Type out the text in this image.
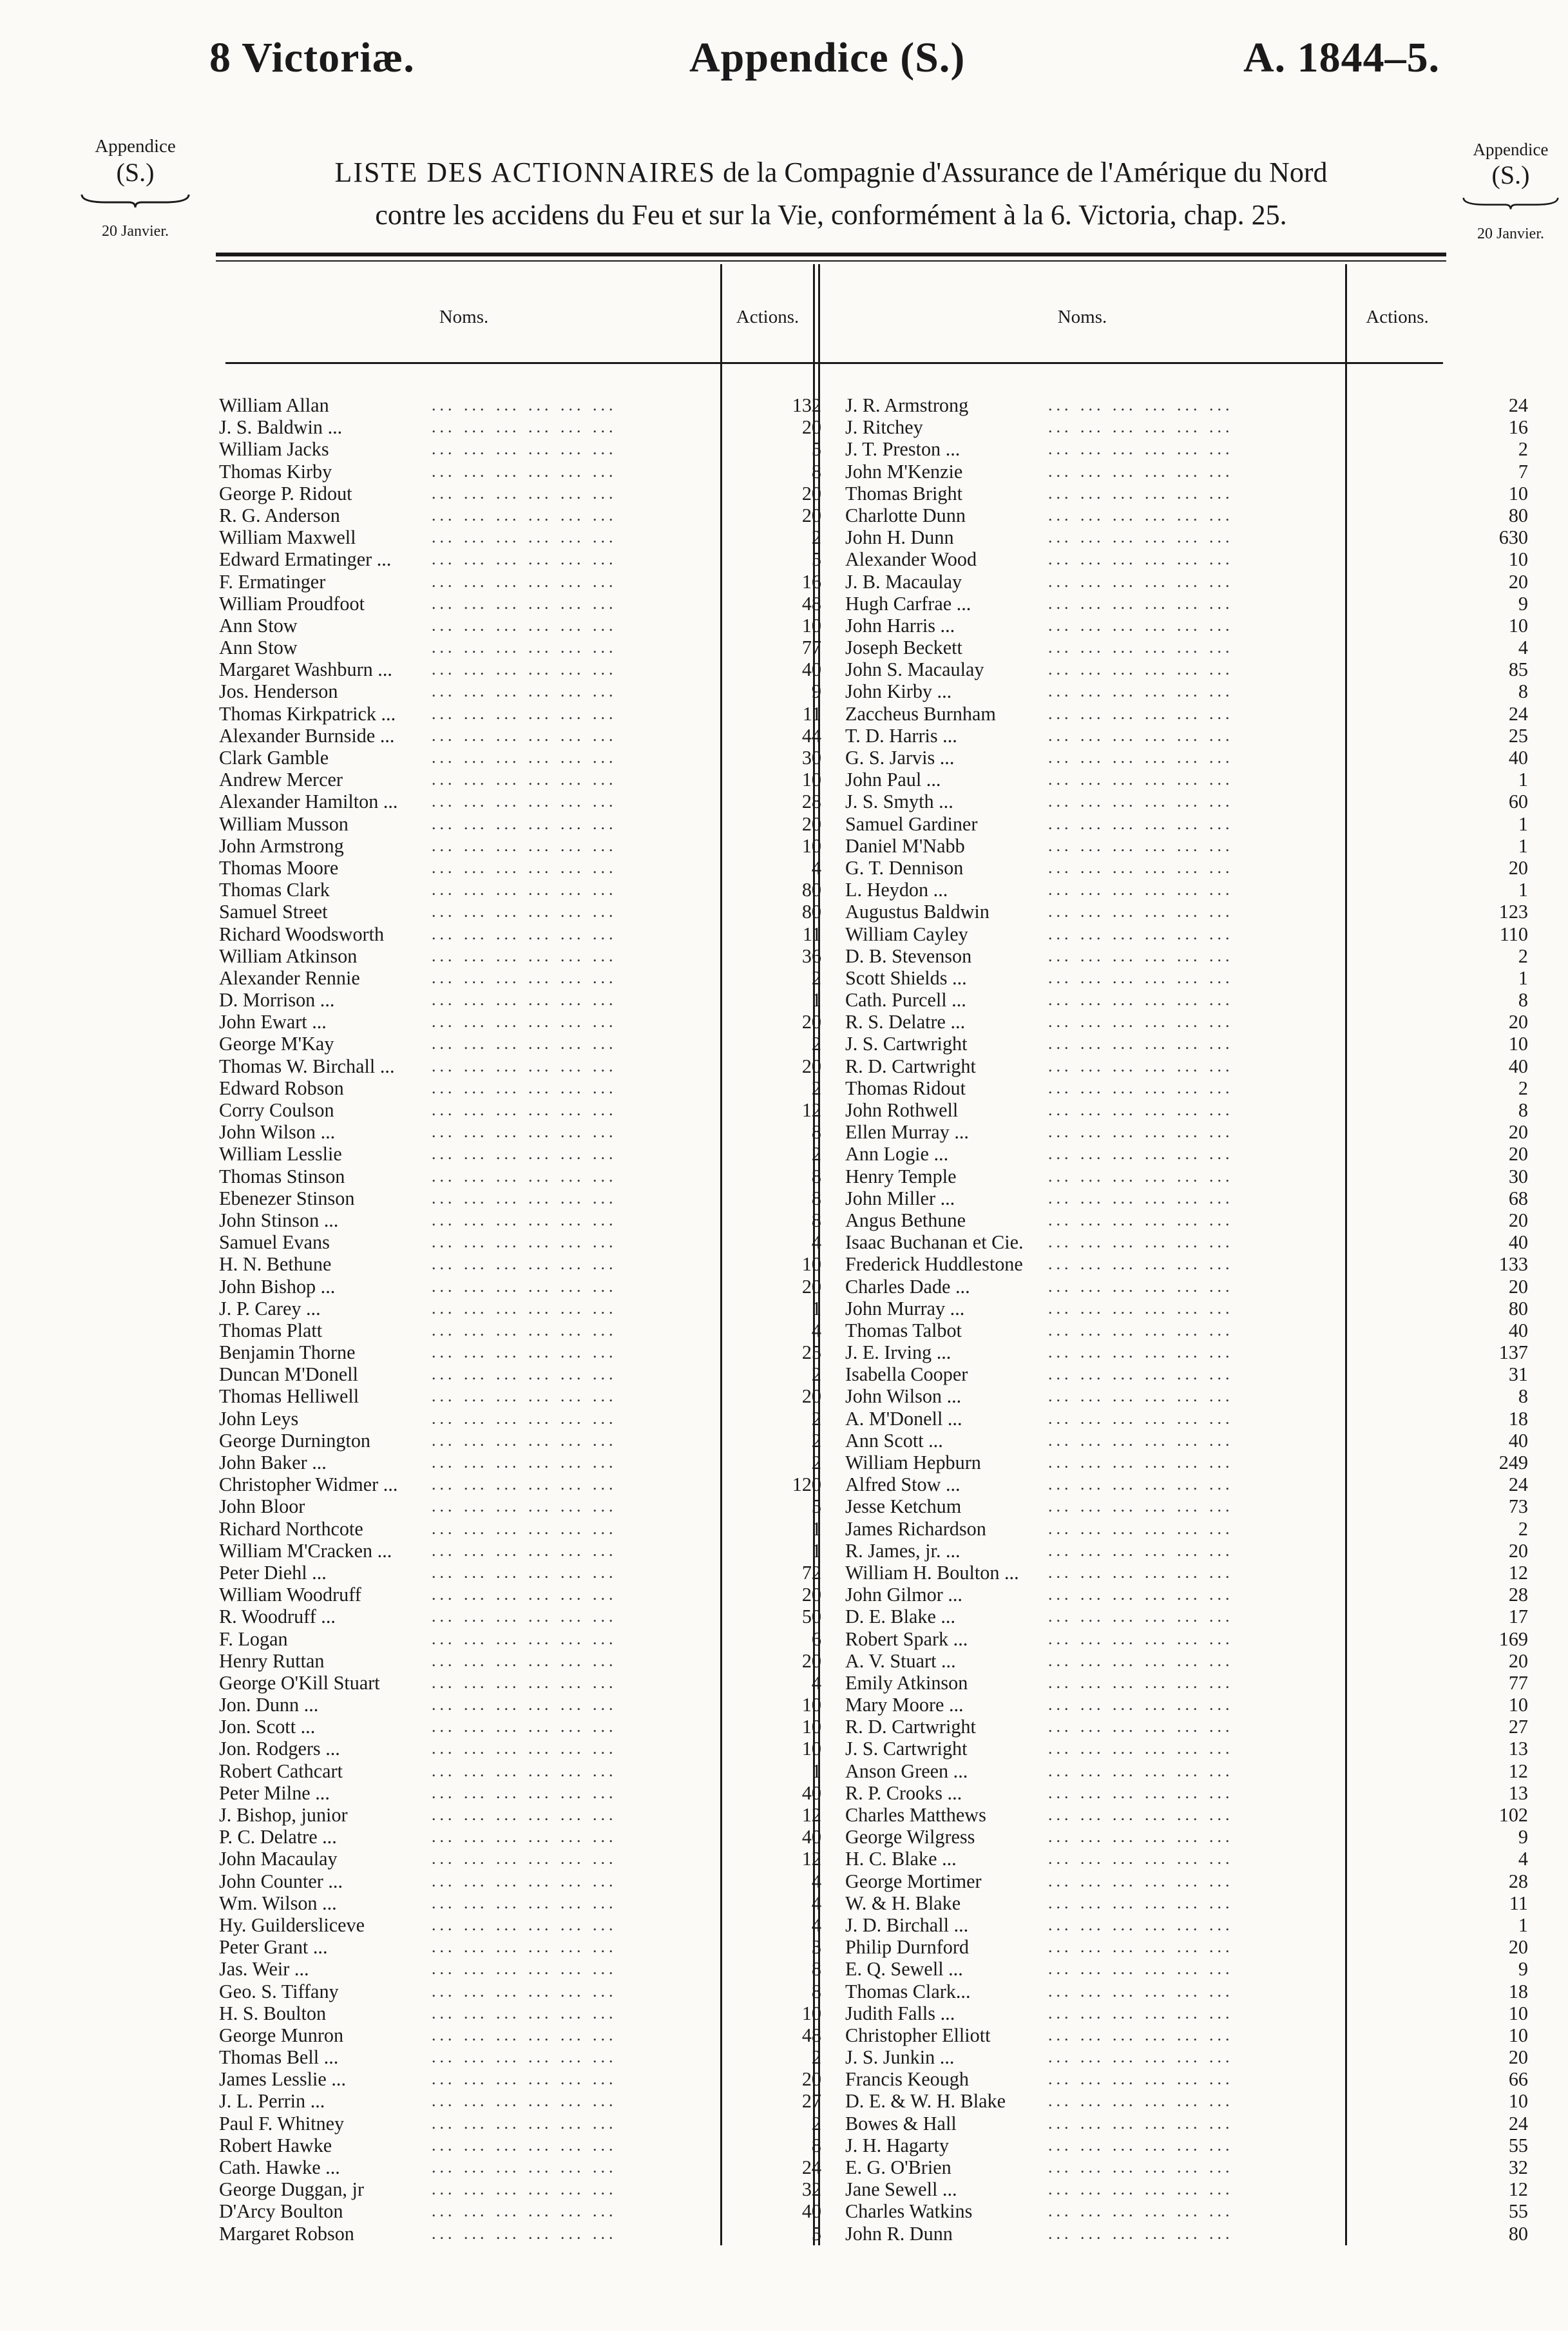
8 Victoriæ.	Appendice (S.)	A. 1844–5.
Appendice
(S.)
20 Janvier.
Appendice
(S.)
20 Janvier.
LISTE DES ACTIONNAIRES de la Compagnie d'Assurance de l'Amérique du Nord
contre les accidens du Feu et sur la Vie, conformément à la 6. Victoria, chap. 25.
Noms.	Actions.	Noms.	Actions.
William Allan	... ... ... ... ... ...	132
J. S. Baldwin ...	... ... ... ... ... ...	20
William Jacks	... ... ... ... ... ...	5
Thomas Kirby	... ... ... ... ... ...	8
George P. Ridout	... ... ... ... ... ...	20
R. G. Anderson	... ... ... ... ... ...	20
William Maxwell	... ... ... ... ... ...	2
Edward Ermatinger ... ... ... ... ... ... ...	5
F. Ermatinger	... ... ... ... ... ...	16
William Proudfoot	... ... ... ... ... ...	48
Ann Stow	... ... ... ... ... ...	10
Ann Stow	... ... ... ... ... ...	77
Margaret Washburn ... ... ... ... ... ... ...	40
Jos. Henderson	... ... ... ... ... ...	9
Thomas Kirkpatrick ... ... ... ... ... ... ...	11
Alexander Burnside ... ... ... ... ... ... ...	44
Clark Gamble	... ... ... ... ... ...	30
Andrew Mercer	... ... ... ... ... ...	10
Alexander Hamilton ... ... ... ... ... ... ...	28
William Musson	... ... ... ... ... ...	20
John Armstrong	... ... ... ... ... ...	10
Thomas Moore	... ... ... ... ... ...	4
Thomas Clark	... ... ... ... ... ...	80
Samuel Street	... ... ... ... ... ...	80
Richard Woodsworth	... ... ... ... ... ...	11
William Atkinson	... ... ... ... ... ...	36
Alexander Rennie	... ... ... ... ... ...	2
D. Morrison ...	... ... ... ... ... ...	1
John Ewart ...	... ... ... ... ... ...	20
George M'Kay	... ... ... ... ... ...	2
Thomas W. Birchall ... ... ... ... ... ... ...	20
Edward Robson	... ... ... ... ... ...	2
Corry Coulson	... ... ... ... ... ...	12
John Wilson ...	... ... ... ... ... ...	8
William Lesslie	... ... ... ... ... ...	2
Thomas Stinson	... ... ... ... ... ...	8
Ebenezer Stinson	... ... ... ... ... ...	8
John Stinson ...	... ... ... ... ... ...	8
Samuel Evans	... ... ... ... ... ...	4
H. N. Bethune	... ... ... ... ... ...	10
John Bishop ...	... ... ... ... ... ...	20
J. P. Carey ...	... ... ... ... ... ...	1
Thomas Platt	... ... ... ... ... ...	4
Benjamin Thorne	... ... ... ... ... ...	25
Duncan M'Donell	... ... ... ... ... ...	2
Thomas Helliwell	... ... ... ... ... ...	20
John Leys	... ... ... ... ... ...	2
George Durnington	... ... ... ... ... ...	2
John Baker ...	... ... ... ... ... ...	2
Christopher Widmer ... ... ... ... ... ... ...	120
John Bloor	... ... ... ... ... ...	5
Richard Northcote	... ... ... ... ... ...	1
William M'Cracken ... ... ... ... ... ... ...	1
Peter Diehl ...	... ... ... ... ... ...	72
William Woodruff	... ... ... ... ... ...	20
R. Woodruff ...	... ... ... ... ... ...	50
F. Logan	... ... ... ... ... ...	6
Henry Ruttan	... ... ... ... ... ...	20
George O'Kill Stuart	... ... ... ... ... ...	4
Jon. Dunn ...	... ... ... ... ... ...	10
Jon. Scott ...	... ... ... ... ... ...	10
Jon. Rodgers ...	... ... ... ... ... ...	10
Robert Cathcart	... ... ... ... ... ...	1
Peter Milne ...	... ... ... ... ... ...	40
J. Bishop, junior	... ... ... ... ... ...	12
P. C. Delatre ...	... ... ... ... ... ...	40
John Macaulay	... ... ... ... ... ...	12
John Counter ...	... ... ... ... ... ...	4
Wm. Wilson ...	... ... ... ... ... ...	4
Hy. Guildersliceve	... ... ... ... ... ...	4
Peter Grant ...	... ... ... ... ... ...	3
Jas. Weir ...	... ... ... ... ... ...	8
Geo. S. Tiffany	... ... ... ... ... ...	8
H. S. Boulton	... ... ... ... ... ...	10
George Munron	... ... ... ... ... ...	48
Thomas Bell ...	... ... ... ... ... ...	2
James Lesslie ...	... ... ... ... ... ...	20
J. L. Perrin ...	... ... ... ... ... ...	27
Paul F. Whitney	... ... ... ... ... ...	2
Robert Hawke	... ... ... ... ... ...	8
Cath. Hawke ...	... ... ... ... ... ...	24
George Duggan, jr	... ... ... ... ... ...	32
D'Arcy Boulton	... ... ... ... ... ...	40
Margaret Robson	... ... ... ... ... ...	5
J. R. Armstrong	... ... ... ... ... ...	24
J. Ritchey	... ... ... ... ... ...	16
J. T. Preston ...	... ... ... ... ... ...	2
John M'Kenzie	... ... ... ... ... ...	7
Thomas Bright	... ... ... ... ... ...	10
Charlotte Dunn	... ... ... ... ... ...	80
John H. Dunn	... ... ... ... ... ...	630
Alexander Wood	... ... ... ... ... ...	10
J. B. Macaulay	... ... ... ... ... ...	20
Hugh Carfrae ...	... ... ... ... ... ...	9
John Harris ...	... ... ... ... ... ...	10
Joseph Beckett	... ... ... ... ... ...	4
John S. Macaulay	... ... ... ... ... ...	85
John Kirby ...	... ... ... ... ... ...	8
Zaccheus Burnham	... ... ... ... ... ...	24
T. D. Harris ...	... ... ... ... ... ...	25
G. S. Jarvis ...	... ... ... ... ... ...	40
John Paul ...	... ... ... ... ... ...	1
J. S. Smyth ...	... ... ... ... ... ...	60
Samuel Gardiner	... ... ... ... ... ...	1
Daniel M'Nabb	... ... ... ... ... ...	1
G. T. Dennison	... ... ... ... ... ...	20
L. Heydon ...	... ... ... ... ... ...	1
Augustus Baldwin	... ... ... ... ... ...	123
William Cayley	... ... ... ... ... ...	110
D. B. Stevenson	... ... ... ... ... ...	2
Scott Shields ...	... ... ... ... ... ...	1
Cath. Purcell ...	... ... ... ... ... ...	8
R. S. Delatre ...	... ... ... ... ... ...	20
J. S. Cartwright	... ... ... ... ... ...	10
R. D. Cartwright	... ... ... ... ... ...	40
Thomas Ridout	... ... ... ... ... ...	2
John Rothwell	... ... ... ... ... ...	8
Ellen Murray ...	... ... ... ... ... ...	20
Ann Logie ...	... ... ... ... ... ...	20
Henry Temple	... ... ... ... ... ...	30
John Miller ...	... ... ... ... ... ...	68
Angus Bethune	... ... ... ... ... ...	20
Isaac Buchanan et Cie. ... ... ... ... ... ...	40
Frederick Huddlestone ... ... ... ... ... ...	133
Charles Dade ...	... ... ... ... ... ...	20
John Murray ...	... ... ... ... ... ...	80
Thomas Talbot	... ... ... ... ... ...	40
J. E. Irving ...	... ... ... ... ... ...	137
Isabella Cooper	... ... ... ... ... ...	31
John Wilson ...	... ... ... ... ... ...	8
A. M'Donell ...	... ... ... ... ... ...	18
Ann Scott ...	... ... ... ... ... ...	40
William Hepburn	... ... ... ... ... ...	249
Alfred Stow ...	... ... ... ... ... ...	24
Jesse Ketchum	... ... ... ... ... ...	73
James Richardson	... ... ... ... ... ...	2
R. James, jr. ...	... ... ... ... ... ...	20
William H. Boulton ... ... ... ... ... ... ...	12
John Gilmor ...	... ... ... ... ... ...	28
D. E. Blake ...	... ... ... ... ... ...	17
Robert Spark ...	... ... ... ... ... ...	169
A. V. Stuart ...	... ... ... ... ... ...	20
Emily Atkinson	... ... ... ... ... ...	77
Mary Moore ...	... ... ... ... ... ...	10
R. D. Cartwright	... ... ... ... ... ...	27
J. S. Cartwright	... ... ... ... ... ...	13
Anson Green ...	... ... ... ... ... ...	12
R. P. Crooks ...	... ... ... ... ... ...	13
Charles Matthews	... ... ... ... ... ...	102
George Wilgress	... ... ... ... ... ...	9
H. C. Blake ...	... ... ... ... ... ...	4
George Mortimer	... ... ... ... ... ...	28
W. & H. Blake	... ... ... ... ... ...	11
J. D. Birchall ...	... ... ... ... ... ...	1
Philip Durnford	... ... ... ... ... ...	20
E. Q. Sewell ...	... ... ... ... ... ...	9
Thomas Clark...	... ... ... ... ... ...	18
Judith Falls ...	... ... ... ... ... ...	10
Christopher Elliott	... ... ... ... ... ...	10
J. S. Junkin ...	... ... ... ... ... ...	20
Francis Keough	... ... ... ... ... ...	66
D. E. & W. H. Blake	... ... ... ... ... ...	10
Bowes & Hall	... ... ... ... ... ...	24
J. H. Hagarty	... ... ... ... ... ...	55
E. G. O'Brien	... ... ... ... ... ...	32
Jane Sewell ...	... ... ... ... ... ...	12
Charles Watkins	... ... ... ... ... ...	55
John R. Dunn	... ... ... ... ... ...	80
